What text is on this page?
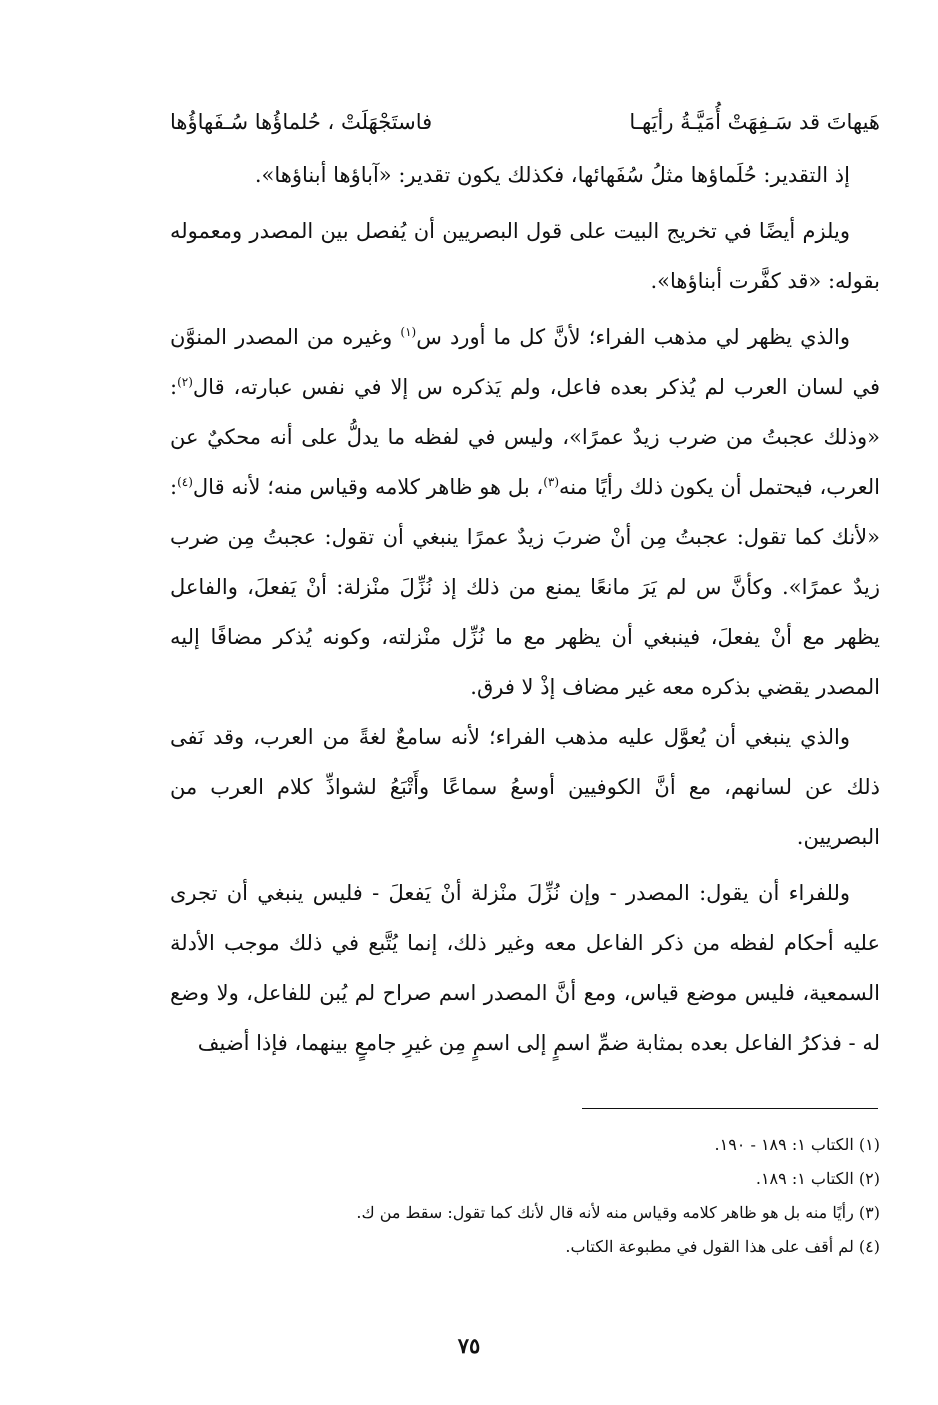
هَيهاتَ قد سَـفِهَتْ أُمَيَّـةُ رأيَهـا
فاستَجْهَلَتْ ، حُلماؤُها سُـفَهاؤُها

إذ التقدير: حُلَماؤها مثلُ سُفَهائها، فكذلك يكون تقدير: «آباؤها أبناؤها».

ويلزم أيضًا في تخريج البيت على قول البصريين أن يُفصل بين المصدر ومعموله بقوله: «قد كفَّرت أبناؤها».

والذي يظهر لي مذهب الفراء؛ لأنَّ كل ما أورد س$^{(١)}$ وغيره من المصدر المنوَّن في لسان العرب لم يُذكر بعده فاعل، ولم يَذكره س إلا في نفس عبارته، قال$^{(٢)}$: «وذلك عجبتُ من ضرب زيدٌ عمرًا»، وليس في لفظه ما يدلُّ على أنه محكيٌ عن العرب، فيحتمل أن يكون ذلك رأيًا منه$^{(٣)}$، بل هو ظاهر كلامه وقياس منه؛ لأنه قال$^{(٤)}$: «لأنك كما تقول: عجبتُ مِن أنْ ضربَ زيدٌ عمرًا ينبغي أن تقول: عجبتُ مِن ضرب زيدٌ عمرًا». وكأنَّ س لم يَرَ مانعًا يمنع من ذلك إذ نُزِّلَ منْزلة: أنْ يَفعلَ، والفاعل يظهر مع أنْ يفعلَ، فينبغي أن يظهر مع ما نُزِّل منْزلته، وكونه يُذكر مضافًا إليه المصدر يقضي بذكره معه غير مضاف إذْ لا فرق.

والذي ينبغي أن يُعوَّل عليه مذهب الفراء؛ لأنه سامعٌ لغةً من العرب، وقد نَفى ذلك عن لسانهم، مع أنَّ الكوفيين أوسعُ سماعًا وأَتْبَعُ لشواذِّ كلام العرب من البصريين.

وللفراء أن يقول: المصدر - وإن نُزِّلَ منْزلة أنْ يَفعلَ - فليس ينبغي أن تجرى عليه أحكام لفظه من ذكر الفاعل معه وغير ذلك، إنما يُتَّبع في ذلك موجب الأدلة السمعية، فليس موضع قياس، ومع أنَّ المصدر اسم صراح لم يُبن للفاعل، ولا وضع له - فذكرُ الفاعل بعده بمثابة ضمِّ اسمٍ إلى اسمٍ مِن غيرِ جامعٍ بينهما، فإذا أضيف

(١) الكتاب ١: ١٨٩ - ١٩٠.
(٢) الكتاب ١: ١٨٩.
(٣) رأيًا منه بل هو ظاهر كلامه وقياس منه لأنه قال لأنك كما تقول: سقط من ك.
(٤) لم أقف على هذا القول في مطبوعة الكتاب.
٧٥
